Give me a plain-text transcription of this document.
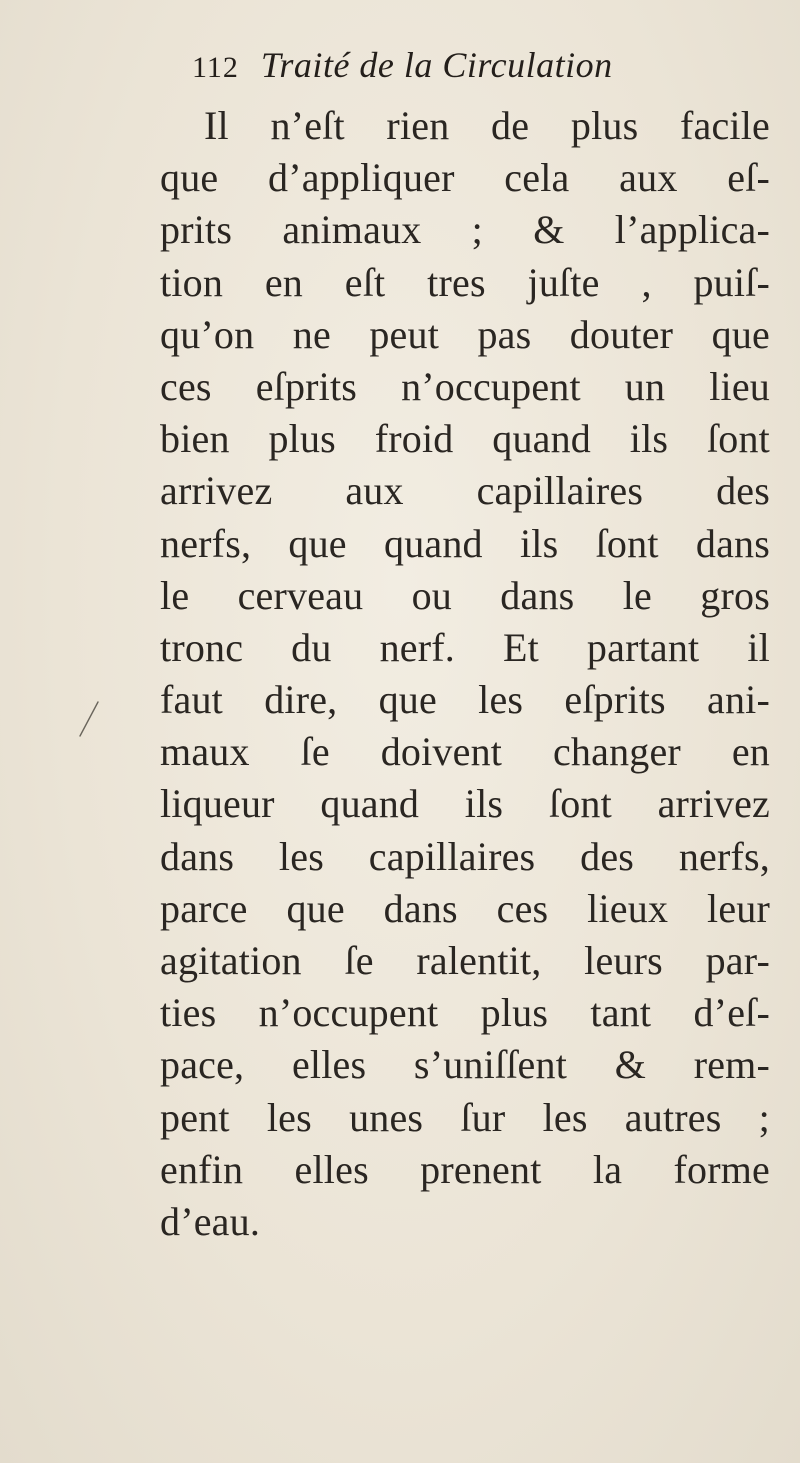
112 Traité de la Circulation
Il n’eſt rien de plus facile
que d’appliquer cela aux eſ-
prits animaux ; & l’applica-
tion en eſt tres juſte , puiſ-
qu’on ne peut pas douter que
ces eſprits n’occupent un lieu
bien plus froid quand ils ſont
arrivez aux capillaires des
nerfs, que quand ils ſont dans
le cerveau ou dans le gros
tronc du nerf. Et partant il
faut dire, que les eſprits ani-
maux ſe doivent changer en
liqueur quand ils ſont arrivez
dans les capillaires des nerfs,
parce que dans ces lieux leur
agitation ſe ralentit, leurs par-
ties n’occupent plus tant d’eſ-
pace, elles s’uniſſent & rem-
pent les unes ſur les autres ;
enfin elles prenent la forme
d’eau.
